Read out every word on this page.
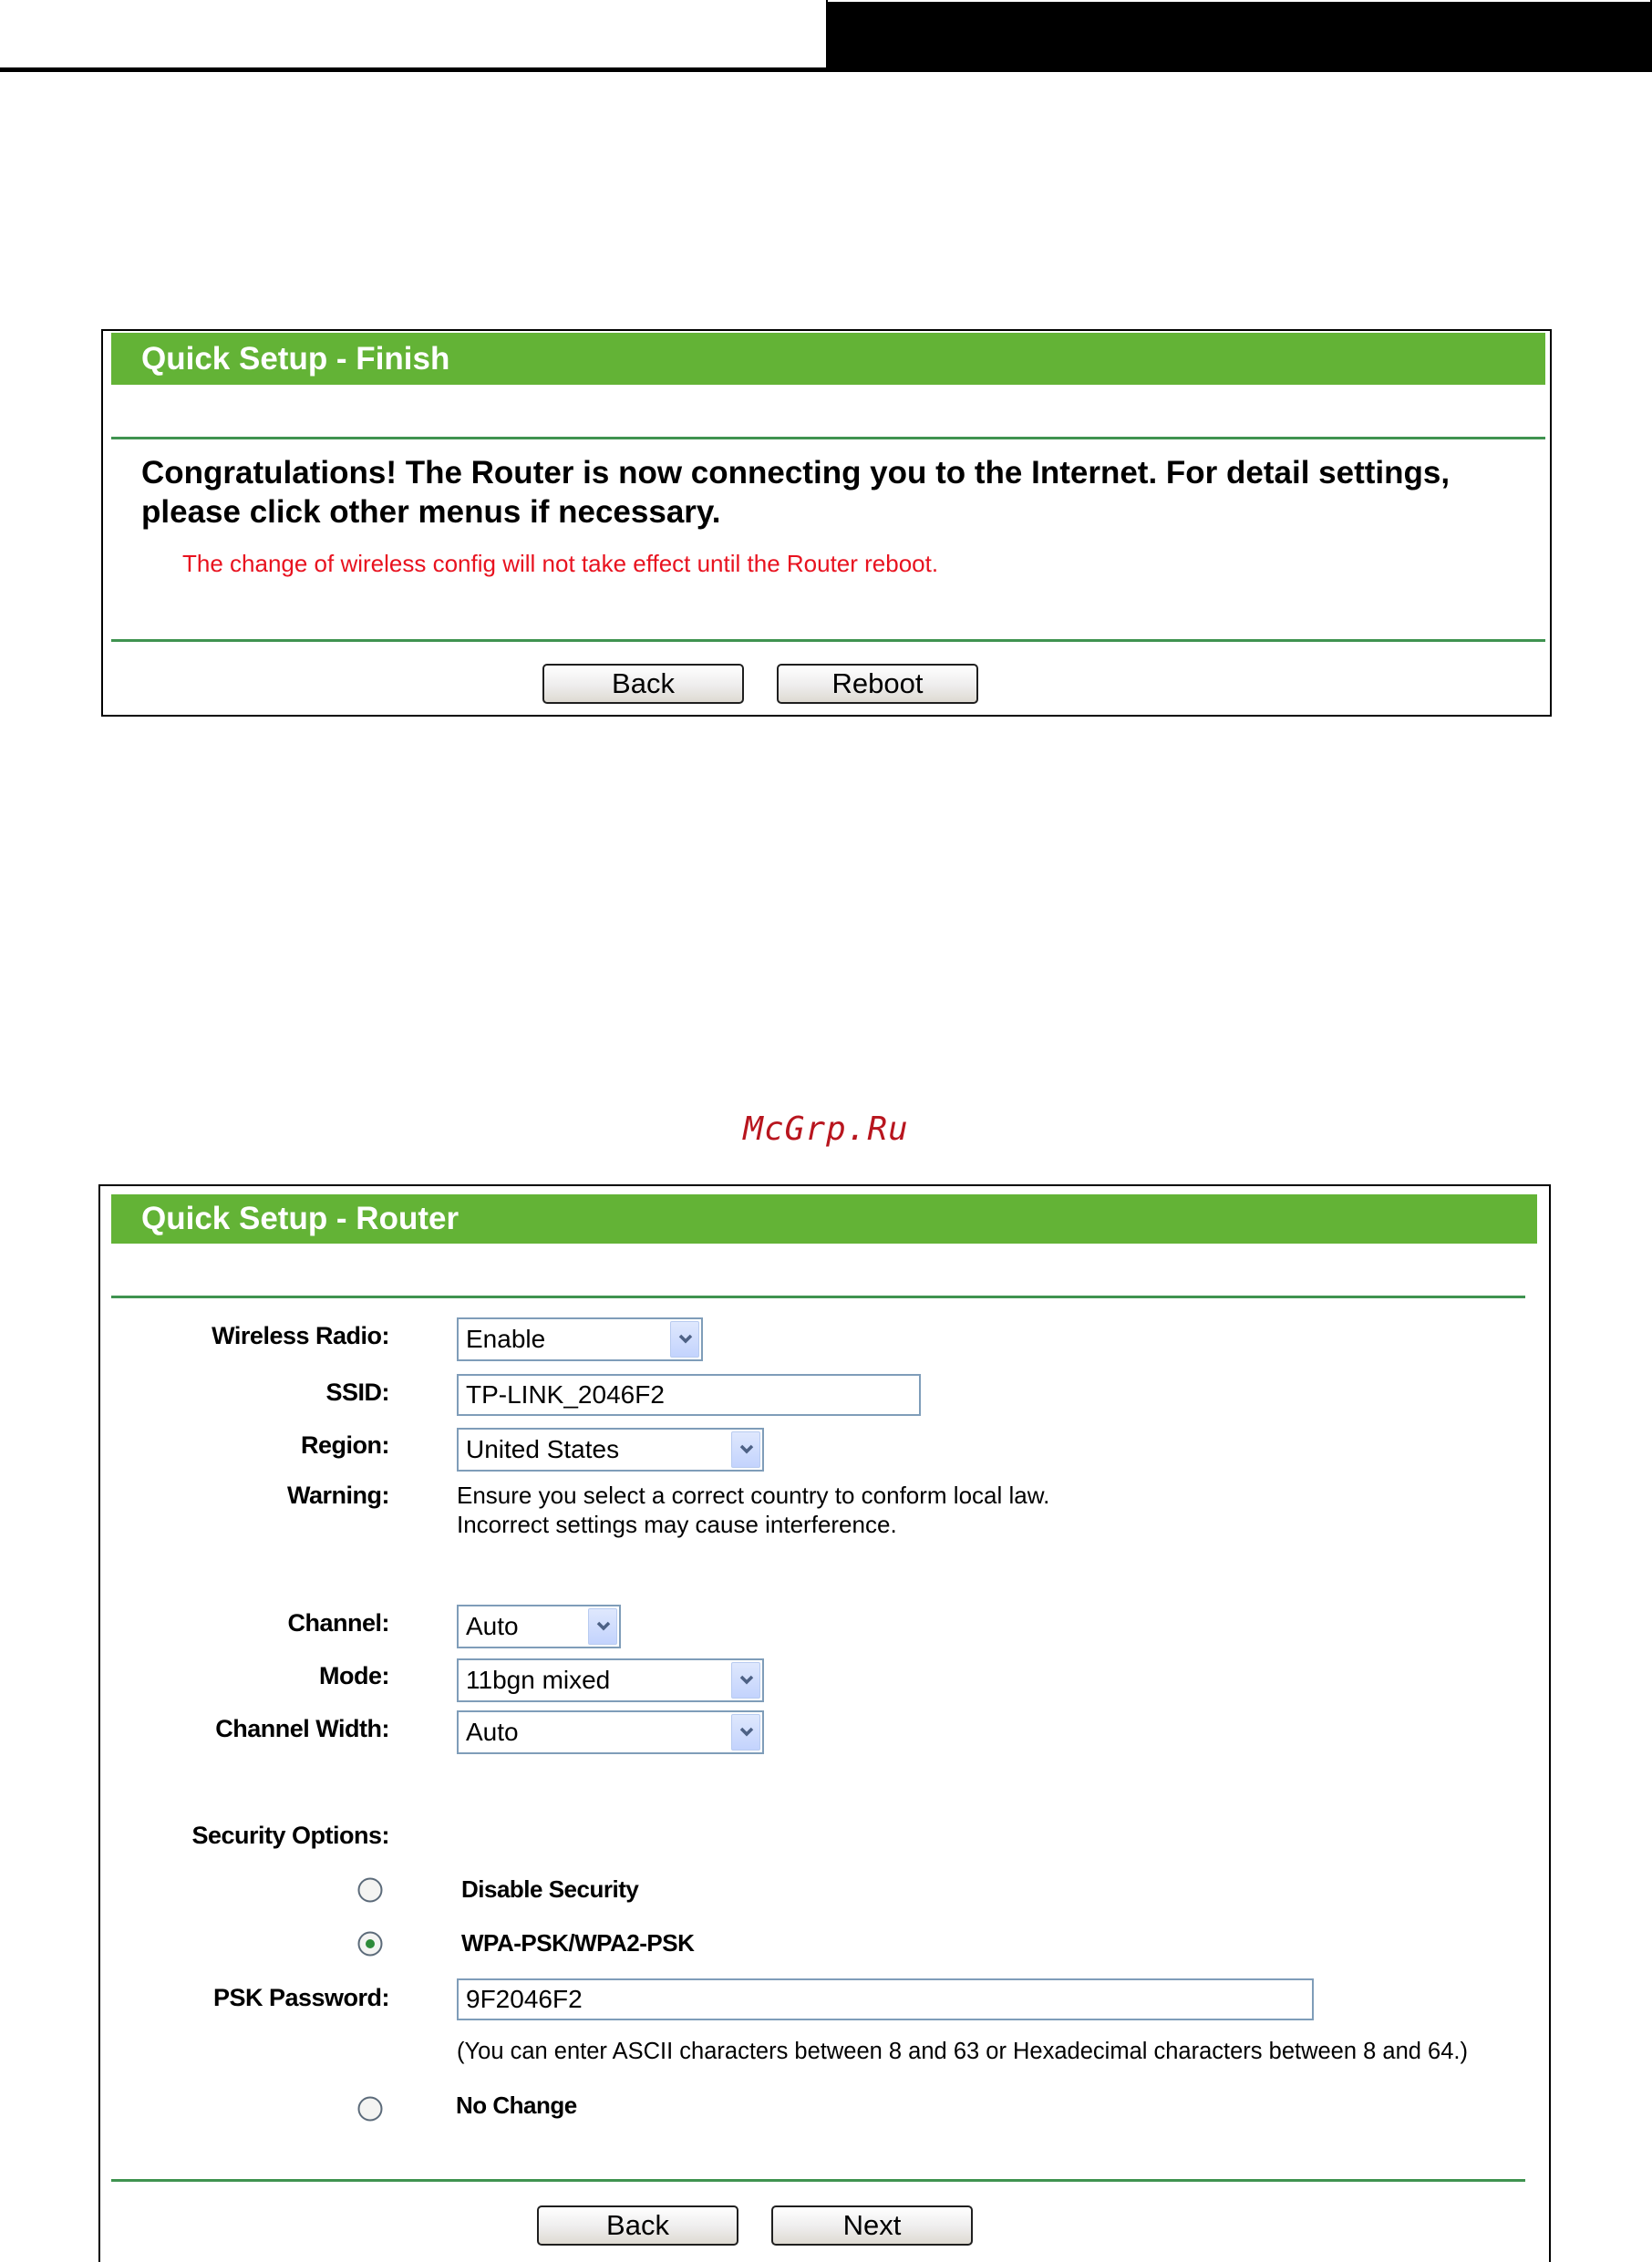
Quick Setup - Finish
Congratulations! The Router is now connecting you to the Internet. For detail settings,
please click other menus if necessary.
The change of wireless config will not take effect until the Router reboot.
Back	Reboot
McGrp.Ru
Quick Setup - Router
Wireless Radio:	Enable
SSID:
TP-LINK_2046F2
Region:	United States
Warning:	Ensure you select a correct country to conform local law.
Incorrect settings may cause interference.
Channel:	Auto
Mode:	11bgn mixed
Channel Width:	Auto
Security Options:
Disable Security
WPA-PSK/WPA2-PSK
PSK Password:
9F2046F2
(You can enter ASCII characters between 8 and 63 or Hexadecimal characters between 8 and 64.)
No Change
Back	Next
